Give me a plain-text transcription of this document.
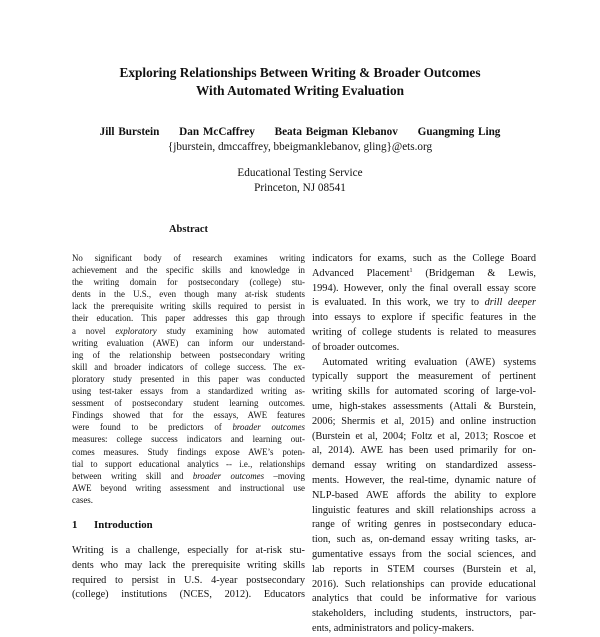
Exploring Relationships Between Writing & Broader Outcomes
With Automated Writing Evaluation
Jill Burstein Dan McCaffrey Beata Beigman Klebanov Guangming Ling
{jburstein, dmccaffrey, bbeigmanklebanov, gling}@ets.org
Educational Testing Service
Princeton, NJ 08541
Abstract
No significant body of research examines writing
achievement and the specific skills and knowledge in
the writing domain for postsecondary (college) stu-
dents in the U.S., even though many at-risk students
lack the prerequisite writing skills required to persist in
their education. This paper addresses this gap through
a novel exploratory study examining how automated
writing evaluation (AWE) can inform our understand-
ing of the relationship between postsecondary writing
skill and broader indicators of college success. The ex-
ploratory study presented in this paper was conducted
using test-taker essays from a standardized writing as-
sessment of postsecondary student learning outcomes.
Findings showed that for the essays, AWE features
were found to be predictors of broader outcomes
measures: college success indicators and learning out-
comes measures. Study findings expose AWE’s poten-
tial to support educational analytics -- i.e., relationships
between writing skill and broader outcomes –moving
AWE beyond writing assessment and instructional use
cases.
1 Introduction
Writing is a challenge, especially for at-risk stu-
dents who may lack the prerequisite writing skills
required to persist in U.S. 4-year postsecondary
(college) institutions (NCES, 2012). Educators
indicators for exams, such as the College Board
Advanced Placement$^1$ (Bridgeman & Lewis,
1994). However, only the final overall essay score
is evaluated. In this work, we try to drill deeper
into essays to explore if specific features in the
writing of college students is related to measures
of broader outcomes.
Automated writing evaluation (AWE) systems
typically support the measurement of pertinent
writing skills for automated scoring of large-vol-
ume, high-stakes assessments (Attali & Burstein,
2006; Shermis et al, 2015) and online instruction
(Burstein et al, 2004; Foltz et al, 2013; Roscoe et
al, 2014). AWE has been used primarily for on-
demand essay writing on standardized assess-
ments. However, the real-time, dynamic nature of
NLP-based AWE affords the ability to explore
linguistic features and skill relationships across a
range of writing genres in postsecondary educa-
tion, such as, on-demand essay writing tasks, ar-
gumentative essays from the social sciences, and
lab reports in STEM courses (Burstein et al,
2016). Such relationships can provide educational
analytics that could be informative for various
stakeholders, including students, instructors, par-
ents, administrators and policy-makers.
